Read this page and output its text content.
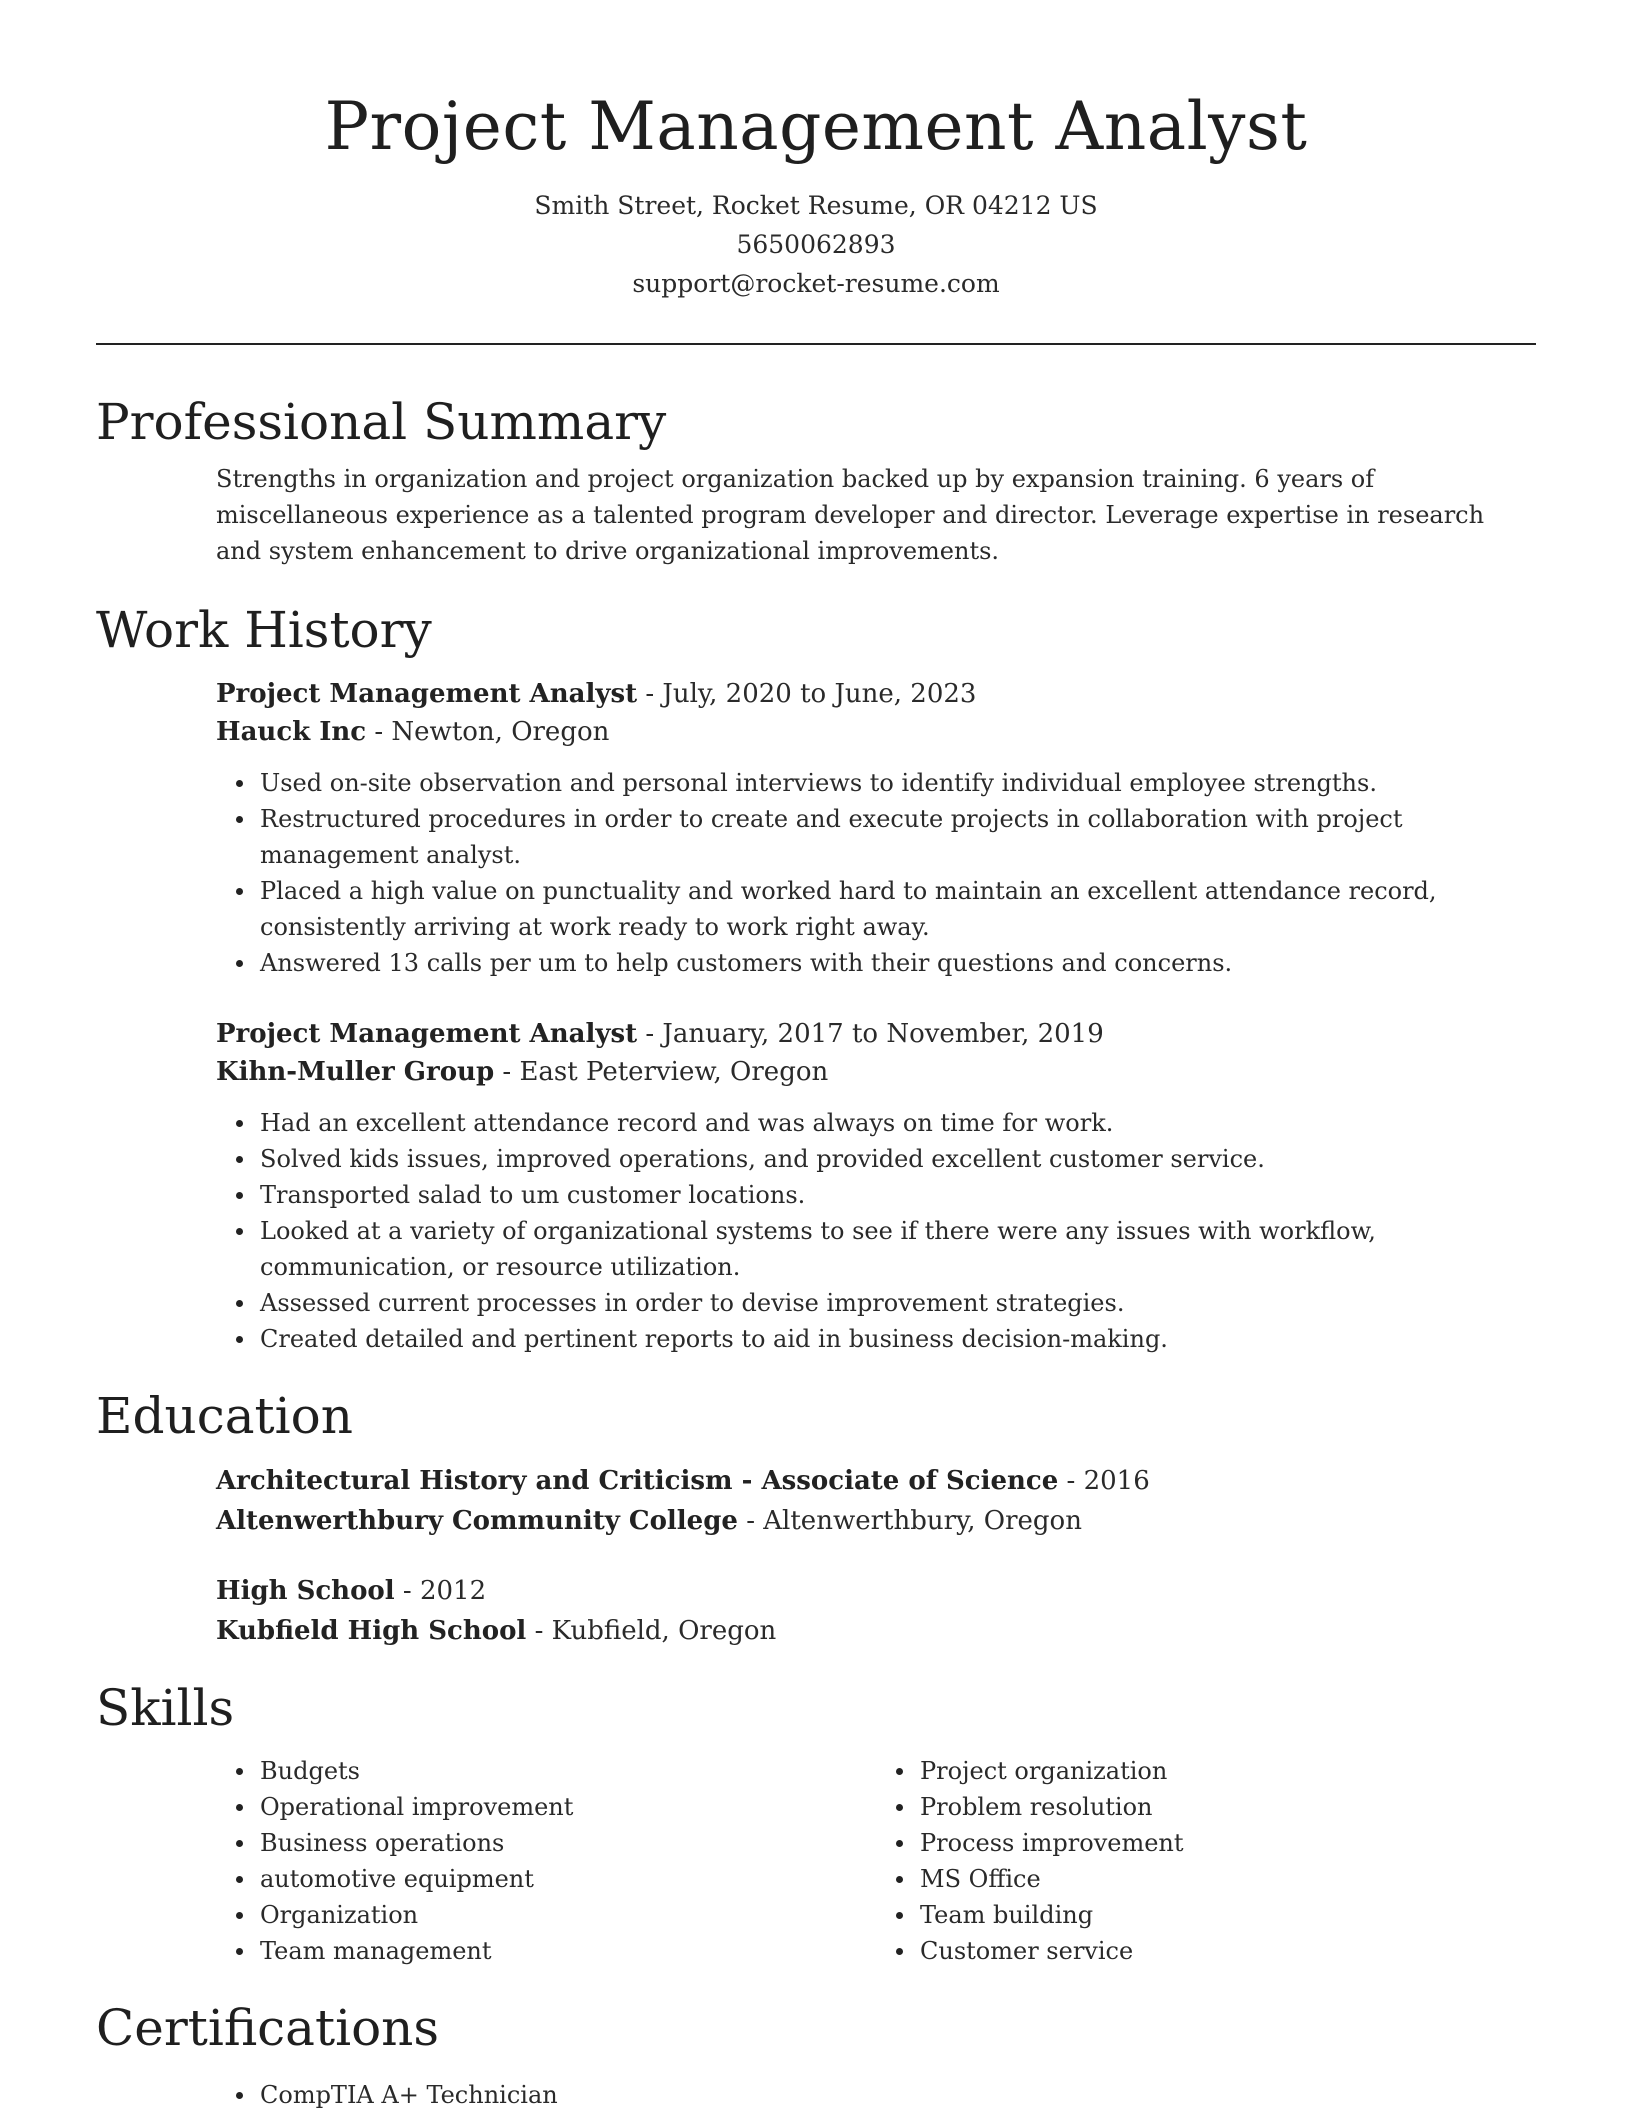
Project Management Analyst
Smith Street, Rocket Resume, OR 04212 US
5650062893
support@rocket-resume.com
Professional Summary

Strengths in organization and project organization backed up by expansion training. 6 years of miscellaneous experience as a talented program developer and director. Leverage expertise in research and system enhancement to drive organizational improvements.

Work History

Project Management Analyst - July, 2020 to June, 2023

Hauck Inc - Newton, Oregon

Used on-site observation and personal interviews to identify individual employee strengths.
Restructured procedures in order to create and execute projects in collaboration with project management analyst.
Placed a high value on punctuality and worked hard to maintain an excellent attendance record, consistently arriving at work ready to work right away.
Answered 13 calls per um to help customers with their questions and concerns.

Project Management Analyst - January, 2017 to November, 2019

Kihn-Muller Group - East Peterview, Oregon

Had an excellent attendance record and was always on time for work.
Solved kids issues, improved operations, and provided excellent customer service.
Transported salad to um customer locations.
Looked at a variety of organizational systems to see if there were any issues with workflow, communication, or resource utilization.
Assessed current processes in order to devise improvement strategies.
Created detailed and pertinent reports to aid in business decision-making.
Education

Architectural History and Criticism - Associate of Science - 2016

Altenwerthbury Community College - Altenwerthbury, Oregon

High School - 2012

Kubfield High School - Kubfield, Oregon

Skills
Budgets
Operational improvement
Business operations
automotive equipment
Organization
Team management
Project organization
Problem resolution
Process improvement
MS Office
Team building
Customer service
Certifications
CompTIA A+ Technician
